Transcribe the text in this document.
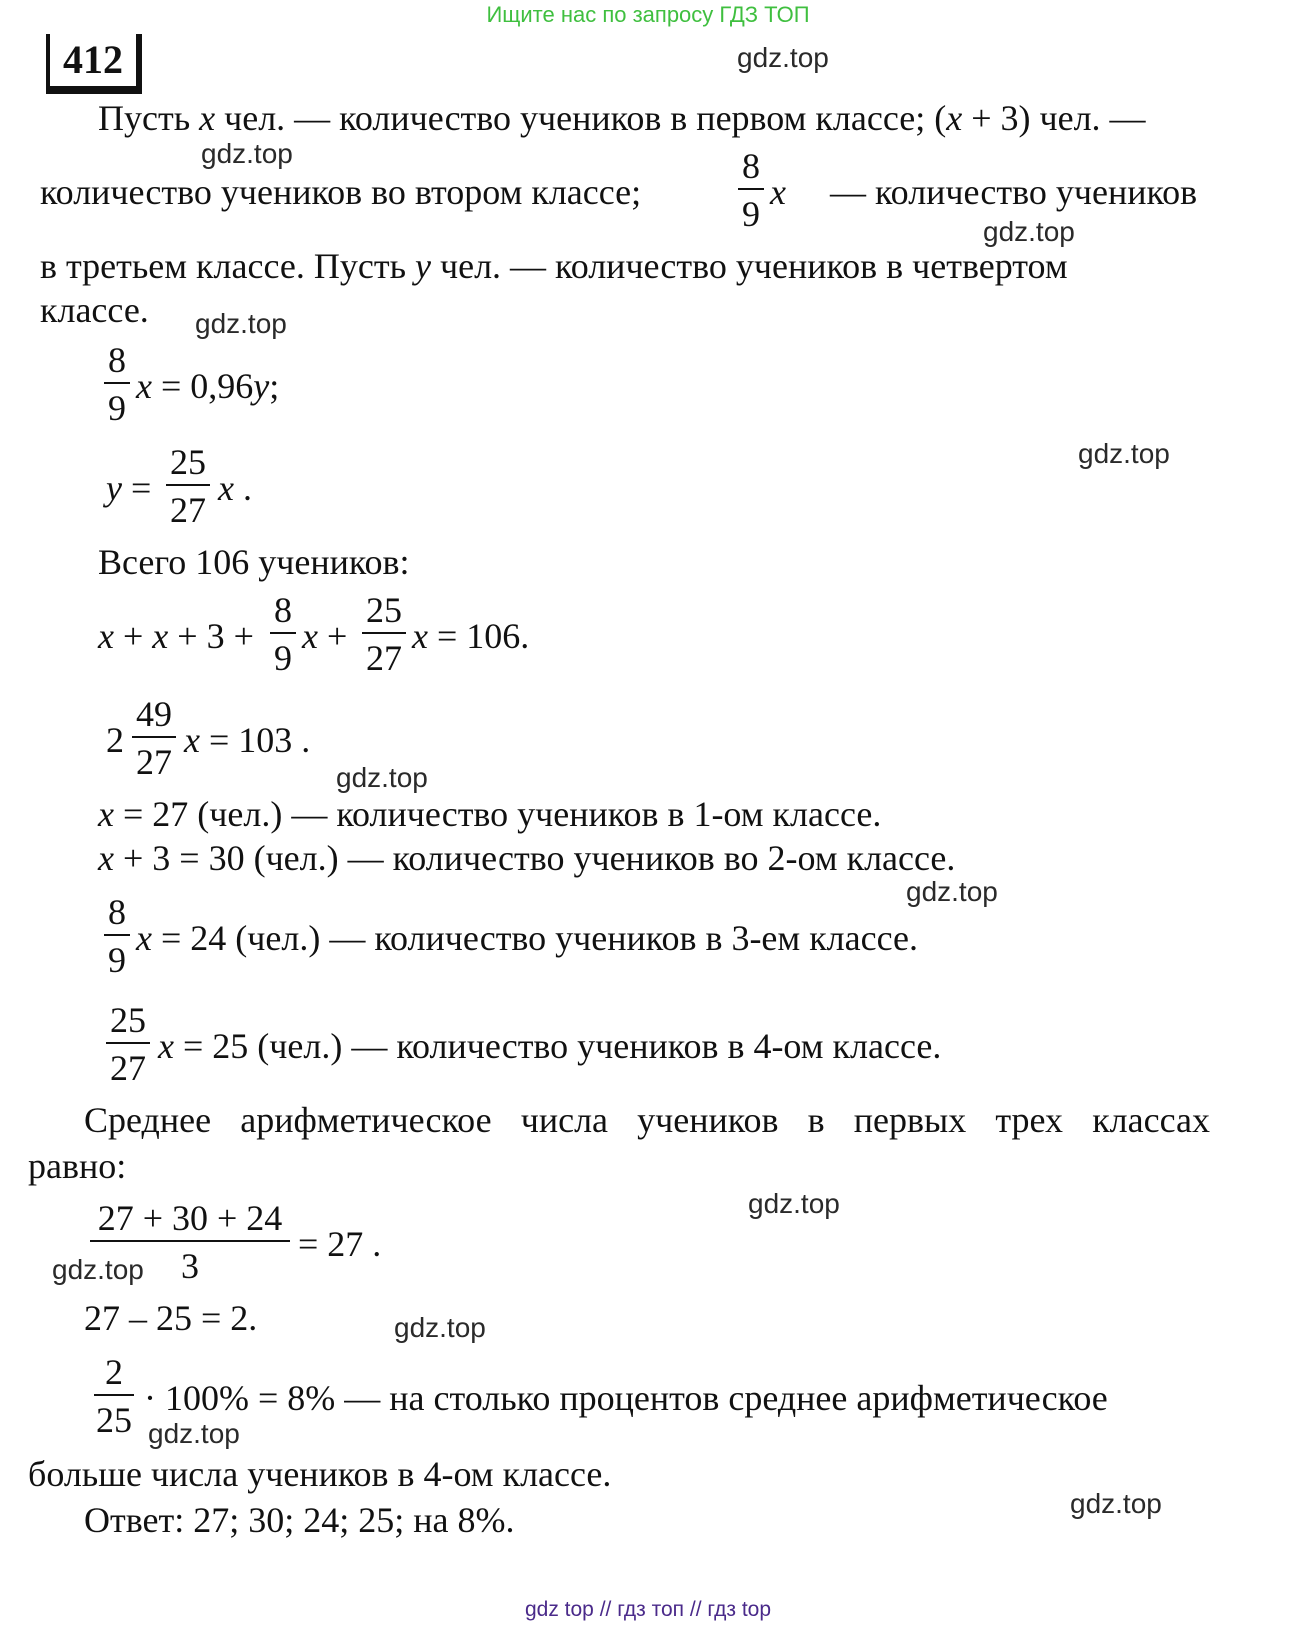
Ищите нас по запросу ГДЗ ТОП
412	gdz.top
gdz.top
gdz.top
gdz.top
gdz.top
gdz.top
gdz.top
gdz.top
gdz.top
gdz.top
gdz.top
gdz.top
Пусть x чел. — количество учеников в первом классе; (x + 3) чел. —
количество учеников во втором классе;
8
9
x — количество учеников
в третьем классе. Пусть y чел. — количество учеников в четвертом
классе.
8
9
x = 0,96y;
y =
25
27
x .
Всего 106 учеников:
x + x + 3 +
8
9
x +
25
27
x = 106.
2
49
27
x = 103 .
x = 27 (чел.) — количество учеников в 1-ом классе.
x + 3 = 30 (чел.) — количество учеников во 2-ом классе.
8
9
x = 24 (чел.) — количество учеников в 3-ем классе.
25
27
x = 25 (чел.) — количество учеников в 4-ом классе.
Среднее арифметическое числа учеников в первых трех классах
равно:
27 + 30 + 24
3
= 27 .
27 – 25 = 2.
2
25
· 100% = 8% — на столько процентов среднее арифметическое
больше числа учеников в 4-ом классе.
Ответ: 27; 30; 24; 25; на 8%.
gdz top // гдз топ // гдз top
